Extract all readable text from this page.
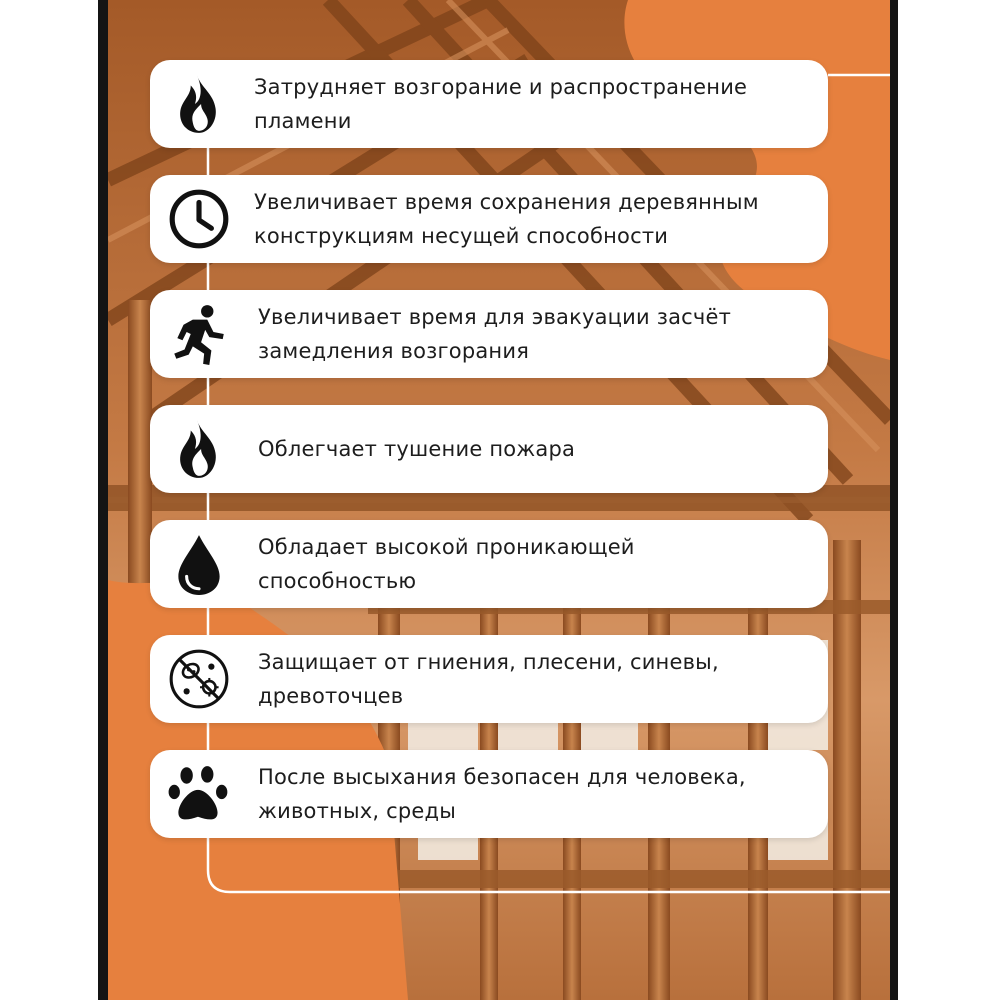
Затрудняет возгорание и распространение
пламени
Увеличивает время сохранения деревянным
конструкциям несущей способности
Увеличивает время для эвакуации засчёт
замедления возгорания
Облегчает тушение пожара
Обладает высокой проникающей
способностью
Защищает от гниения, плесени, синевы,
древоточцев
После высыхания безопасен для человека,
животных, среды
